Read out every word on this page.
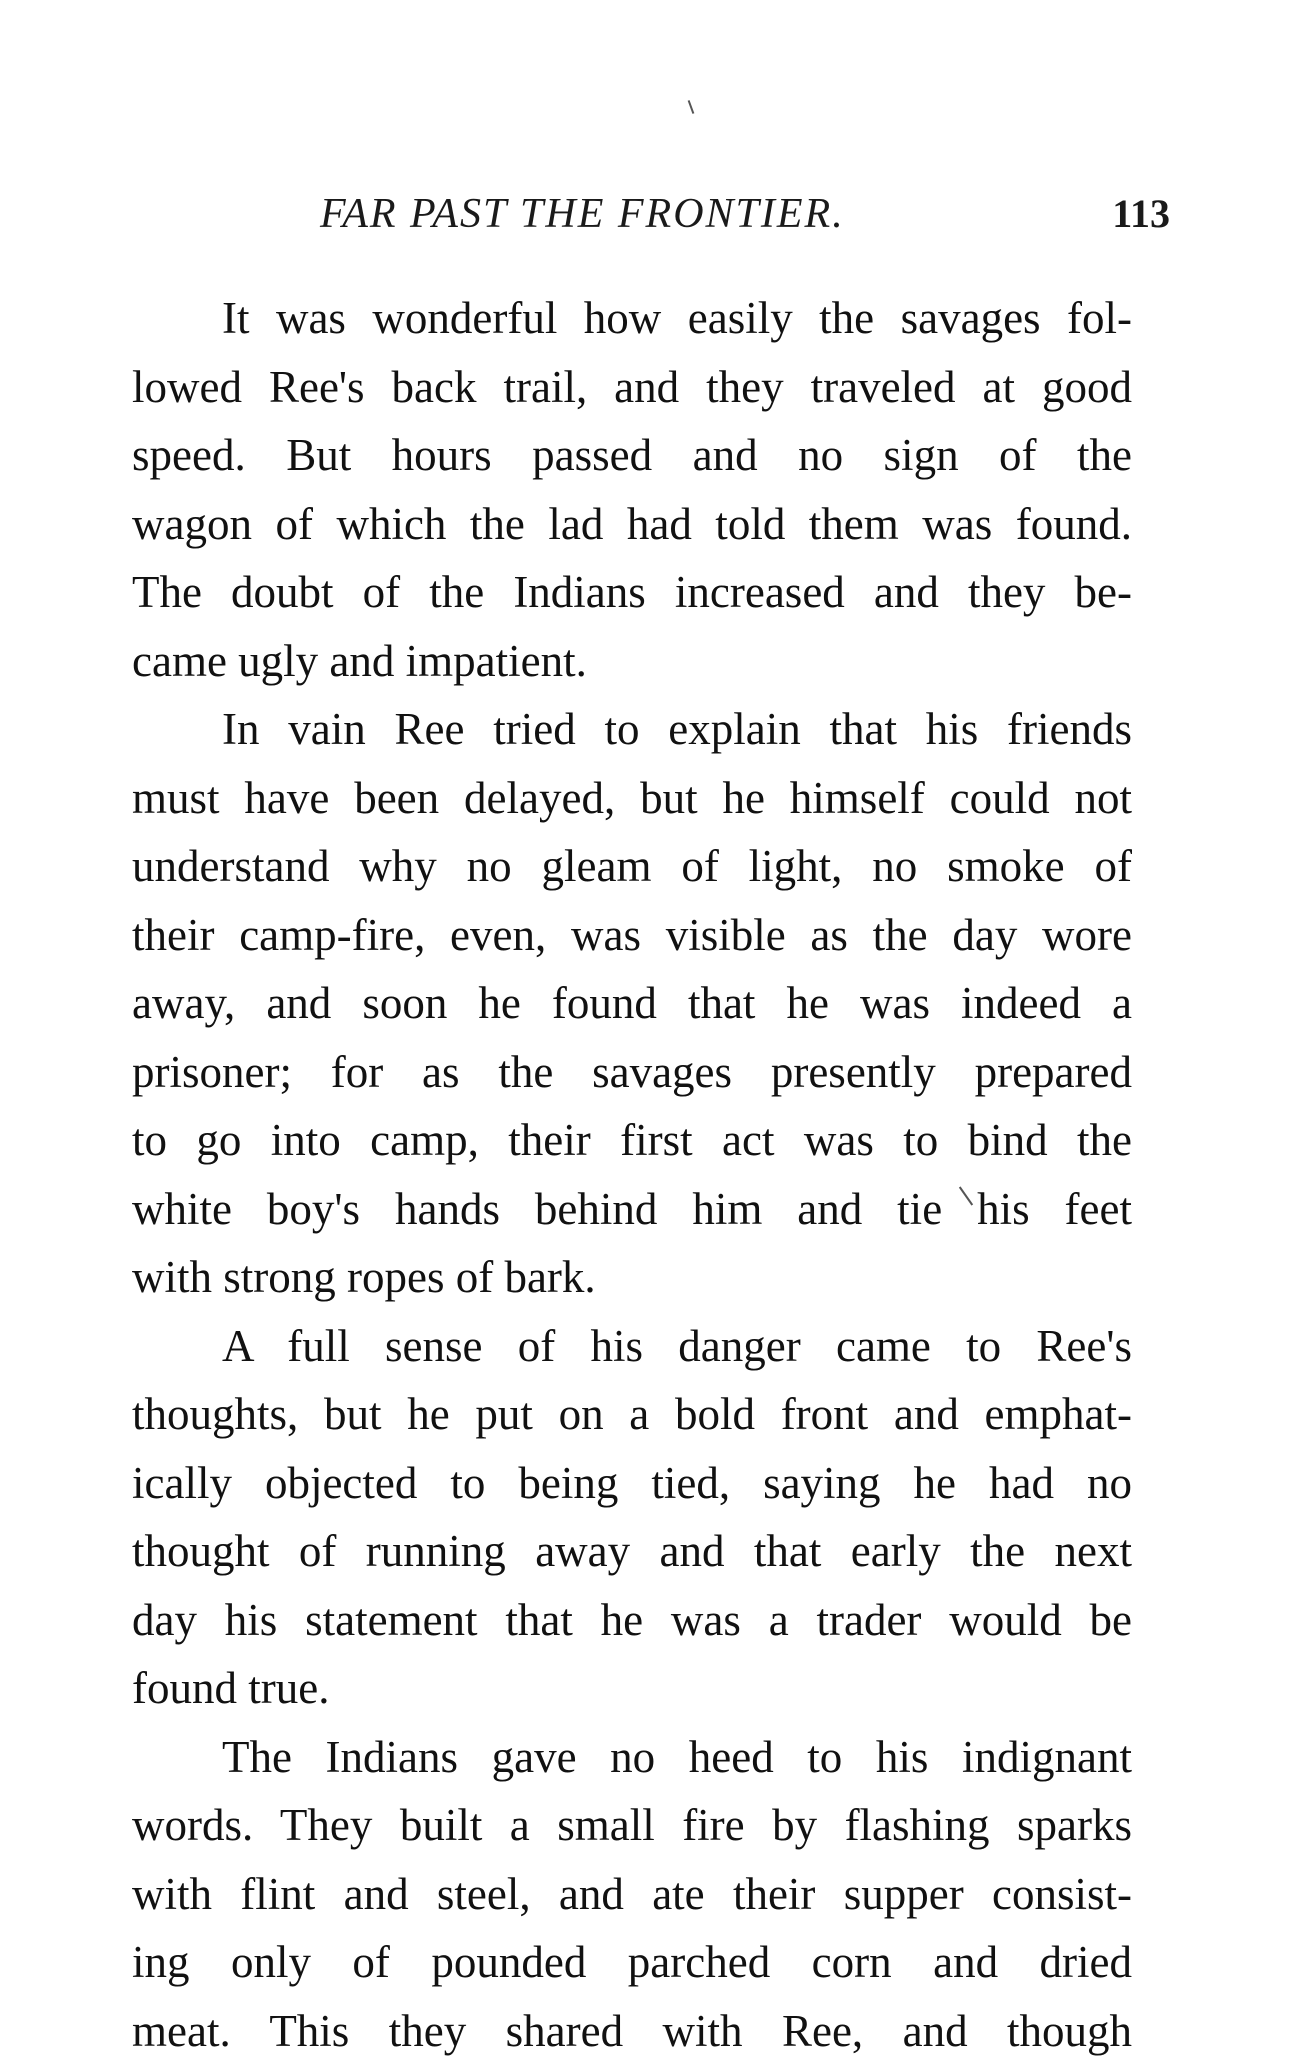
FAR PAST THE FRONTIER.	113
It was wonderful how easily the savages fol-
lowed Ree's back trail, and they traveled at good
speed. But hours passed and no sign of the
wagon of which the lad had told them was found.
The doubt of the Indians increased and they be-
came ugly and impatient.
In vain Ree tried to explain that his friends
must have been delayed, but he himself could not
understand why no gleam of light, no smoke of
their camp-fire, even, was visible as the day wore
away, and soon he found that he was indeed a
prisoner; for as the savages presently prepared
to go into camp, their first act was to bind the
white boy's hands behind him and tie his feet
with strong ropes of bark.
A full sense of his danger came to Ree's
thoughts, but he put on a bold front and emphat-
ically objected to being tied, saying he had no
thought of running away and that early the next
day his statement that he was a trader would be
found true.
The Indians gave no heed to his indignant
words. They built a small fire by flashing sparks
with flint and steel, and ate their supper consist-
ing only of pounded parched corn and dried
meat. This they shared with Ree, and though
